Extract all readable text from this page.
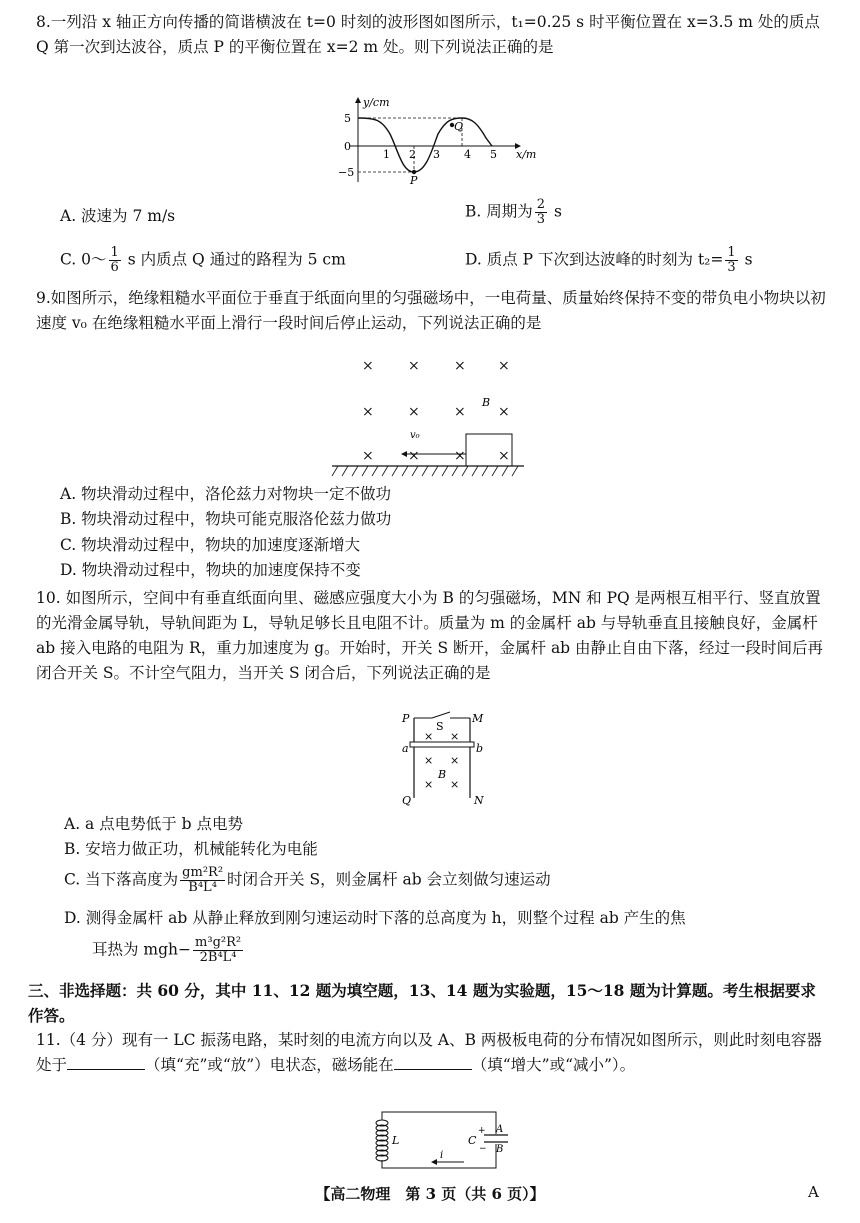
8.一列沿 x 轴正方向传播的简谐横波在 t=0 时刻的波形图如图所示，t₁=0.25 s 时平衡位置在 x=3.5 m 处的质点 Q 第一次到达波谷，质点 P 的平衡位置在 x=2 m 处。则下列说法正确的是
y/cm
x/m
5
0
−5
1 2 3 4 5
P
Q
A. 波速为 7 m/s	B. 周期为 $\frac{2}{3}$ s
C. 0～ $\frac{1}{6}$ s 内质点 Q 通过的路程为 5 cm	D. 质点 P 下次到达波峰的时刻为 $t_2= \frac{1}{3}$ s
9.如图所示，绝缘粗糙水平面位于垂直于纸面向里的匀强磁场中，一电荷量、质量始终保持不变的带负电小物块以初速度 v₀ 在绝缘粗糙水平面上滑行一段时间后停止运动，下列说法正确的是
× × × ×
× × × ×
× × × ×
B
v₀
A. 物块滑动过程中，洛伦兹力对物块一定不做功
B. 物块滑动过程中，物块可能克服洛伦兹力做功
C. 物块滑动过程中，物块的加速度逐渐增大
D. 物块滑动过程中，物块的加速度保持不变
10. 如图所示，空间中有垂直纸面向里、磁感应强度大小为 B 的匀强磁场，MN 和 PQ 是两根互相平行、竖直放置的光滑金属导轨，导轨间距为 L，导轨足够长且电阻不计。质量为 m 的金属杆 ab 与导轨垂直且接触良好，金属杆 ab 接入电路的电阻为 R，重力加速度为 g。开始时，开关 S 断开，金属杆 ab 由静止自由下落，经过一段时间后再闭合开关 S。不计空气阻力，当开关 S 闭合后，下列说法正确的是
P	M
S
a	b
× ×
× ×
× ×
B
Q	N
A. a 点电势低于 b 点电势
B. 安培力做正功，机械能转化为电能
C. 当下落高度为 $\frac{\text{gm²R²}}{\text{B⁴L⁴}}$ 时闭合开关 S，则金属杆 ab 会立刻做匀速运动
D. 测得金属杆 ab 从静止释放到刚匀速运动时下落的总高度为 h，则整个过程 ab 产生的焦
耳热为 $mgh- \frac{\text{m³g²R²}}{\text{2B⁴L⁴}}$
三、非选择题：共 60 分，其中 11、12 题为填空题，13、14 题为实验题，15～18 题为计算题。考生根据要求作答。
11.（4 分）现有一 LC 振荡电路，某时刻的电流方向以及 A、B 两极板电荷的分布情况如图所示，则此时刻电容器处于	（填“充”或“放”）电状态，磁场能在	（填“增大”或“减小”）。
L	C
+
−
A
B
i
【高二物理　第 3 页（共 6 页）】	A
